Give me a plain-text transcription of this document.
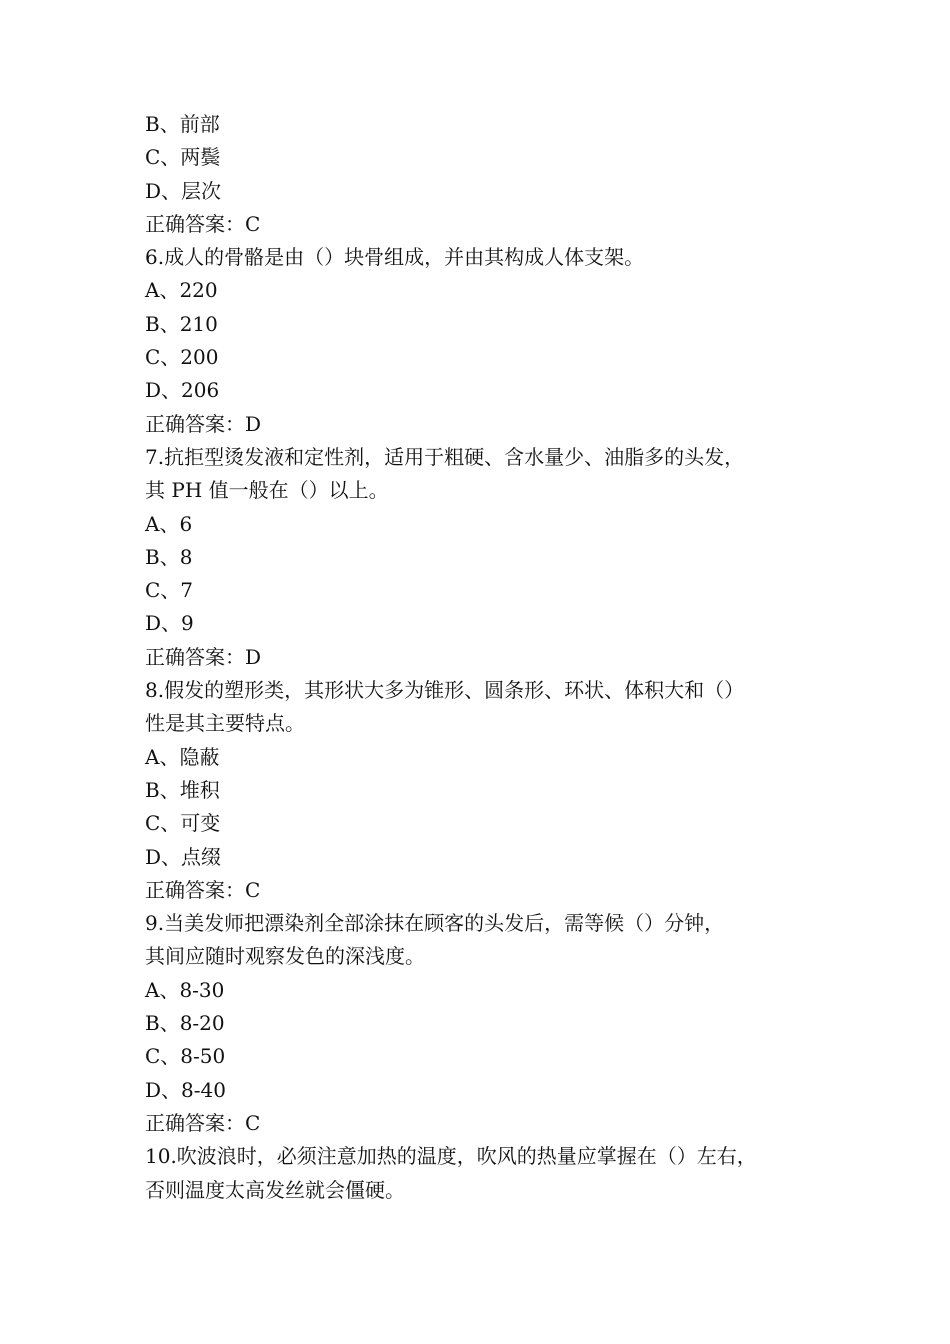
B、前部
C、两鬓
D、层次
正确答案：C
6.成人的骨骼是由（）块骨组成，并由其构成人体支架。
A、220
B、210
C、200
D、206
正确答案：D
7.抗拒型烫发液和定性剂，适用于粗硬、含水量少、油脂多的头发，
其 PH 值一般在（）以上。
A、6
B、8
C、7
D、9
正确答案：D
8.假发的塑形类，其形状大多为锥形、圆条形、环状、体积大和（）
性是其主要特点。
A、隐蔽
B、堆积
C、可变
D、点缀
正确答案：C
9.当美发师把漂染剂全部涂抹在顾客的头发后，需等候（）分钟，
其间应随时观察发色的深浅度。
A、8-30
B、8-20
C、8-50
D、8-40
正确答案：C
10.吹波浪时，必须注意加热的温度，吹风的热量应掌握在（）左右，
否则温度太高发丝就会僵硬。
